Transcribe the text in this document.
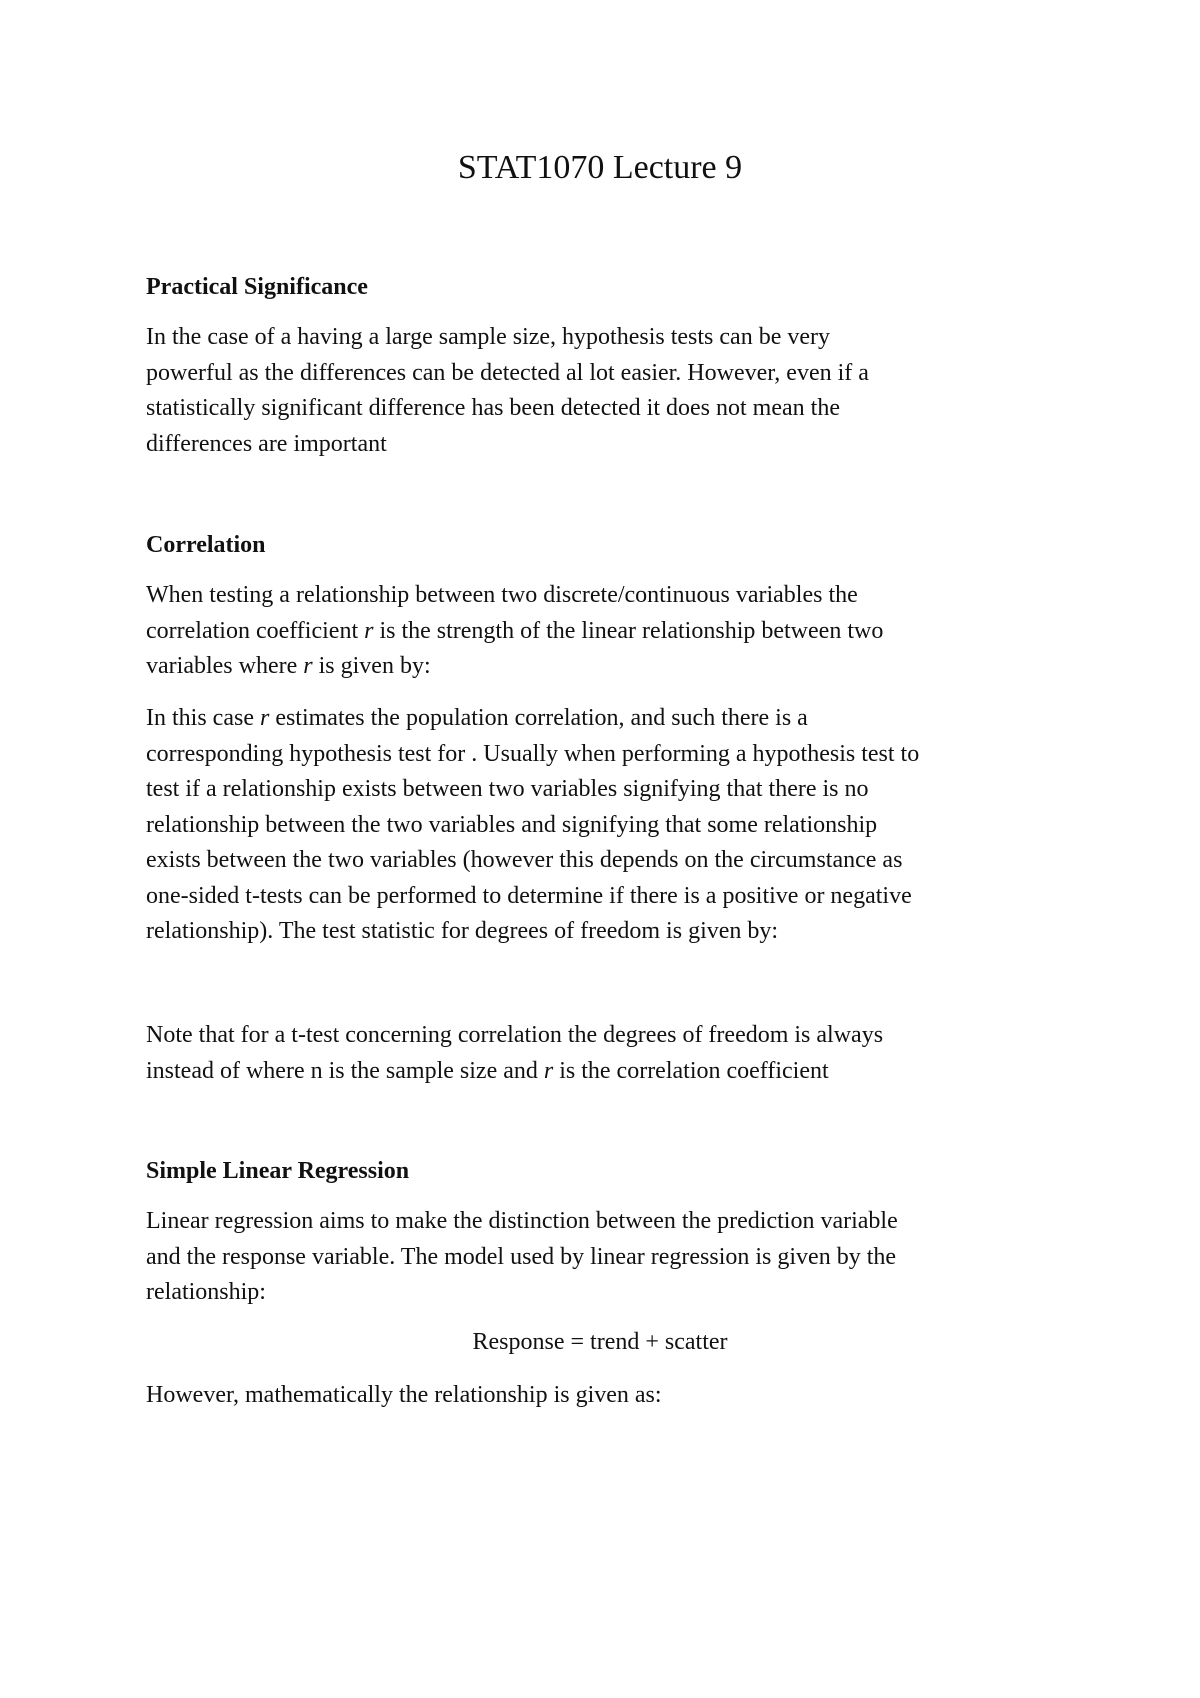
STAT1070 Lecture 9
Practical Significance

In the case of a having a large sample size, hypothesis tests can be very
powerful as the differences can be detected al lot easier. However, even if a
statistically significant difference has been detected it does not mean the
differences are important

Correlation

When testing a relationship between two discrete/continuous variables the
correlation coefficient r is the strength of the linear relationship between two
variables where r is given by:

In this case r estimates the population correlation, and such there is a
corresponding hypothesis test for . Usually when performing a hypothesis test to
test if a relationship exists between two variables signifying that there is no
relationship between the two variables and signifying that some relationship
exists between the two variables (however this depends on the circumstance as
one-sided t-tests can be performed to determine if there is a positive or negative
relationship). The test statistic for degrees of freedom is given by:

Note that for a t-test concerning correlation the degrees of freedom is always
instead of where n is the sample size and r is the correlation coefficient

Simple Linear Regression

Linear regression aims to make the distinction between the prediction variable
and the response variable. The model used by linear regression is given by the
relationship:

Response = trend + scatter

However, mathematically the relationship is given as:
